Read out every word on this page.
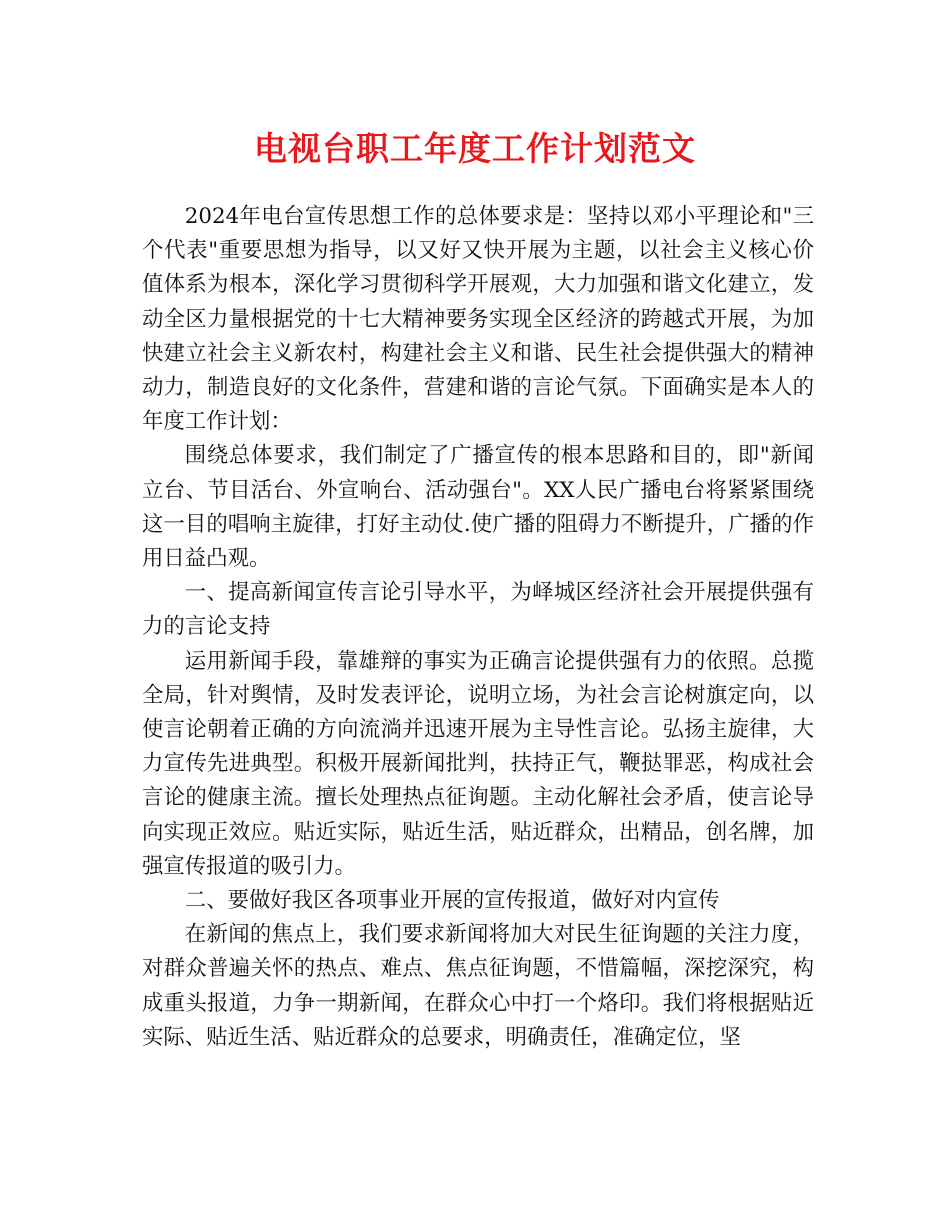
电视台职工年度工作计划范文

2024年电台宣传思想工作的总体要求是：坚持以邓小平理论和"三个代表"重要思想为指导，以又好又快开展为主题，以社会主义核心价值体系为根本，深化学习贯彻科学开展观，大力加强和谐文化建立，发动全区力量根据党的十七大精神要务实现全区经济的跨越式开展，为加快建立社会主义新农村，构建社会主义和谐、民生社会提供强大的精神动力，制造良好的文化条件，营建和谐的言论气氛。下面确实是本人的年度工作计划：

围绕总体要求，我们制定了广播宣传的根本思路和目的，即"新闻立台、节目活台、外宣响台、活动强台"。XX人民广播电台将紧紧围绕这一目的唱响主旋律，打好主动仗.使广播的阻碍力不断提升，广播的作用日益凸观。

一、提高新闻宣传言论引导水平，为峄城区经济社会开展提供强有力的言论支持

运用新闻手段，靠雄辩的事实为正确言论提供强有力的依照。总揽全局，针对舆情，及时发表评论，说明立场，为社会言论树旗定向，以使言论朝着正确的方向流淌并迅速开展为主导性言论。弘扬主旋律，大力宣传先进典型。积极开展新闻批判，扶持正气，鞭挞罪恶，构成社会言论的健康主流。擅长处理热点征询题。主动化解社会矛盾，使言论导向实现正效应。贴近实际，贴近生活，贴近群众，出精品，创名牌，加强宣传报道的吸引力。

二、要做好我区各项事业开展的宣传报道，做好对内宣传

在新闻的焦点上，我们要求新闻将加大对民生征询题的关注力度，对群众普遍关怀的热点、难点、焦点征询题，不惜篇幅，深挖深究，构成重头报道，力争一期新闻，在群众心中打一个烙印。我们将根据贴近实际、贴近生活、贴近群众的总要求，明确责任，准确定位，坚
